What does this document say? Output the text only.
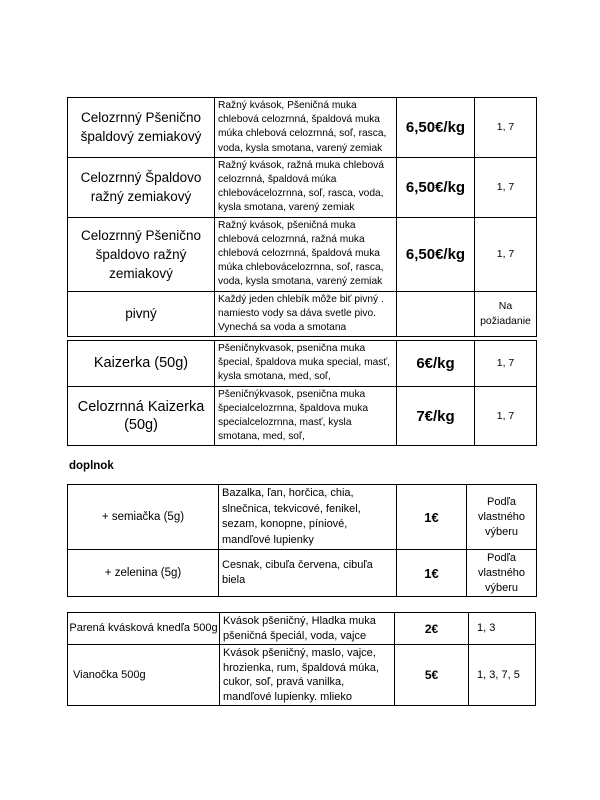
Celozrnný Pšenično špaldový zemiakový	Ražný kvások, Pšeničná muka chlebová celozrnná, špaldová muka múka chlebová celozrnná, soľ, rasca, voda, kysla smotana, varený zemiak	6,50€/kg	1, 7
Celozrnný Špaldovo ražný zemiakový	Ražný kvások, ražná muka chlebová celozrnná, špaldová múka chlebovácelozrnna, soľ, rasca, voda, kysla smotana, varený zemiak	6,50€/kg	1, 7
Celozrnný Pšenično špaldovo ražný zemiakový	Ražný kvások, pšeničná muka chlebová celozrnná, ražná muka chlebová celozrnná, špaldová muka múka chlebovácelozrnna, soľ, rasca, voda, kysla smotana, varený zemiak	6,50€/kg	1, 7
pivný	Každý jeden chlebík môže biť pivný . namiesto vody sa dáva svetle pivo. Vynechá sa voda a smotana		Na požiadanie
Kaizerka (50g)	Pšeničnykvasok, psenična muka špecial, špaldova muka special, masť, kysla smotana, med, soľ,	6€/kg	1, 7
Celozrnná Kaizerka (50g)	Pšeničnýkvasok, psenična muka špecialcelozrnna, špaldova muka specialcelozrnna, masť, kysla smotana, med, soľ,	7€/kg	1, 7
doplnok
+ semiačka (5g)	Bazalka, ľan, horčica, chia, slnečnica, tekvicové, fenikel, sezam, konopne, píniové, mandľové lupienky	1€	Podľa vlastného výberu
+ zelenina (5g)	Cesnak, cibuľa červena, cibuľa biela	1€	Podľa vlastného výberu
Parená kvásková knedľa 500g	Kvások pšeničný, Hladka muka pšeničná špeciál, voda, vajce	2€	1, 3
Vianočka 500g	Kvások pšeničný, maslo, vajce, hrozienka, rum, špaldová múka, cukor, soľ, pravá vanilka, mandľové lupienky. mlieko	5€	1, 3, 7, 5
